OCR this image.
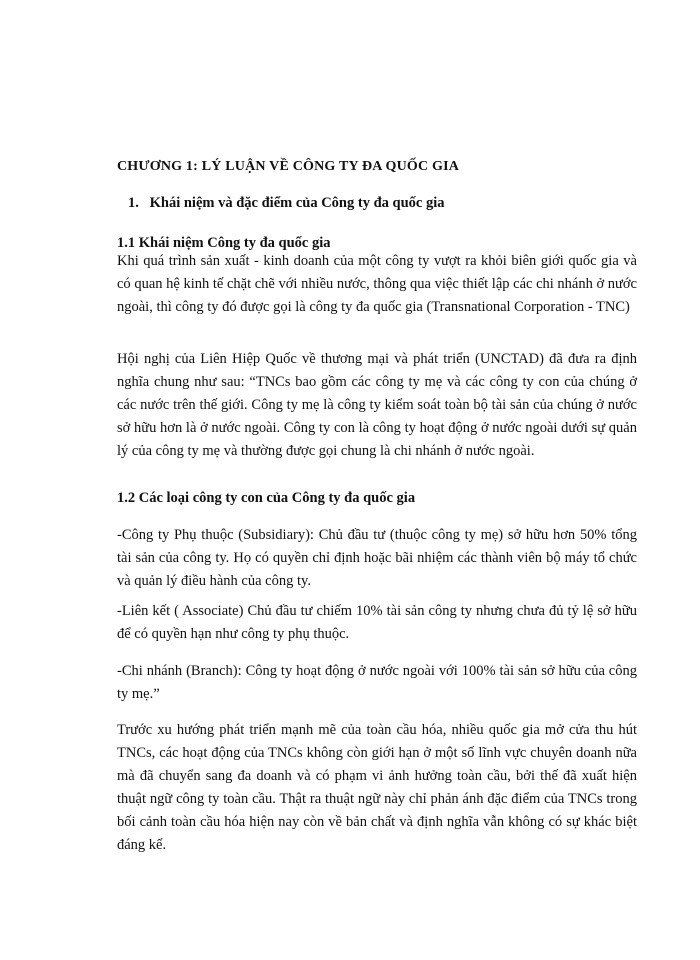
CHƯƠNG 1: LÝ LUẬN VỀ CÔNG TY ĐA QUỐC GIA
1. Khái niệm và đặc điểm của Công ty đa quốc gia
1.1 Khái niệm Công ty đa quốc gia
Khi quá trình sản xuất - kinh doanh của một công ty vượt ra khỏi biên giới quốc gia và có quan hệ kinh tế chặt chẽ với nhiều nước, thông qua việc thiết lập các chi nhánh ở nước ngoài, thì công ty đó được gọi là công ty đa quốc gia (Transnational Corporation - TNC)
Hội nghị của Liên Hiệp Quốc về thương mại và phát triển (UNCTAD) đã đưa ra định nghĩa chung như sau: “TNCs bao gồm các công ty mẹ và các công ty con của chúng ở các nước trên thế giới. Công ty mẹ là công ty kiểm soát toàn bộ tài sản của chúng ở nước sở hữu hơn là ở nước ngoài. Công ty con là công ty hoạt động ở nước ngoài dưới sự quản lý của công ty mẹ và thường được gọi chung là chi nhánh ở nước ngoài.
1.2 Các loại công ty con của Công ty đa quốc gia
-Công ty Phụ thuộc (Subsidiary): Chủ đầu tư (thuộc công ty mẹ) sở hữu hơn 50% tổng tài sản của công ty. Họ có quyền chỉ định hoặc bãi nhiệm các thành viên bộ máy tổ chức và quản lý điều hành của công ty.
-Liên kết ( Associate) Chủ đầu tư chiếm 10% tài sản công ty nhưng chưa đủ tỷ lệ sở hữu để có quyền hạn như công ty phụ thuộc.
-Chi nhánh (Branch): Công ty hoạt động ở nước ngoài với 100% tài sản sở hữu của công ty mẹ.”
Trước xu hướng phát triển mạnh mẽ của toàn cầu hóa, nhiều quốc gia mở cửa thu hút TNCs, các hoạt động của TNCs không còn giới hạn ở một số lĩnh vực chuyên doanh nữa mà đã chuyển sang đa doanh và có phạm vi ảnh hưởng toàn cầu, bởi thế đã xuất hiện thuật ngữ công ty toàn cầu. Thật ra thuật ngữ này chỉ phản ánh đặc điểm của TNCs trong bối cảnh toàn cầu hóa hiện nay còn về bản chất và định nghĩa vẫn không có sự khác biệt đáng kể.
